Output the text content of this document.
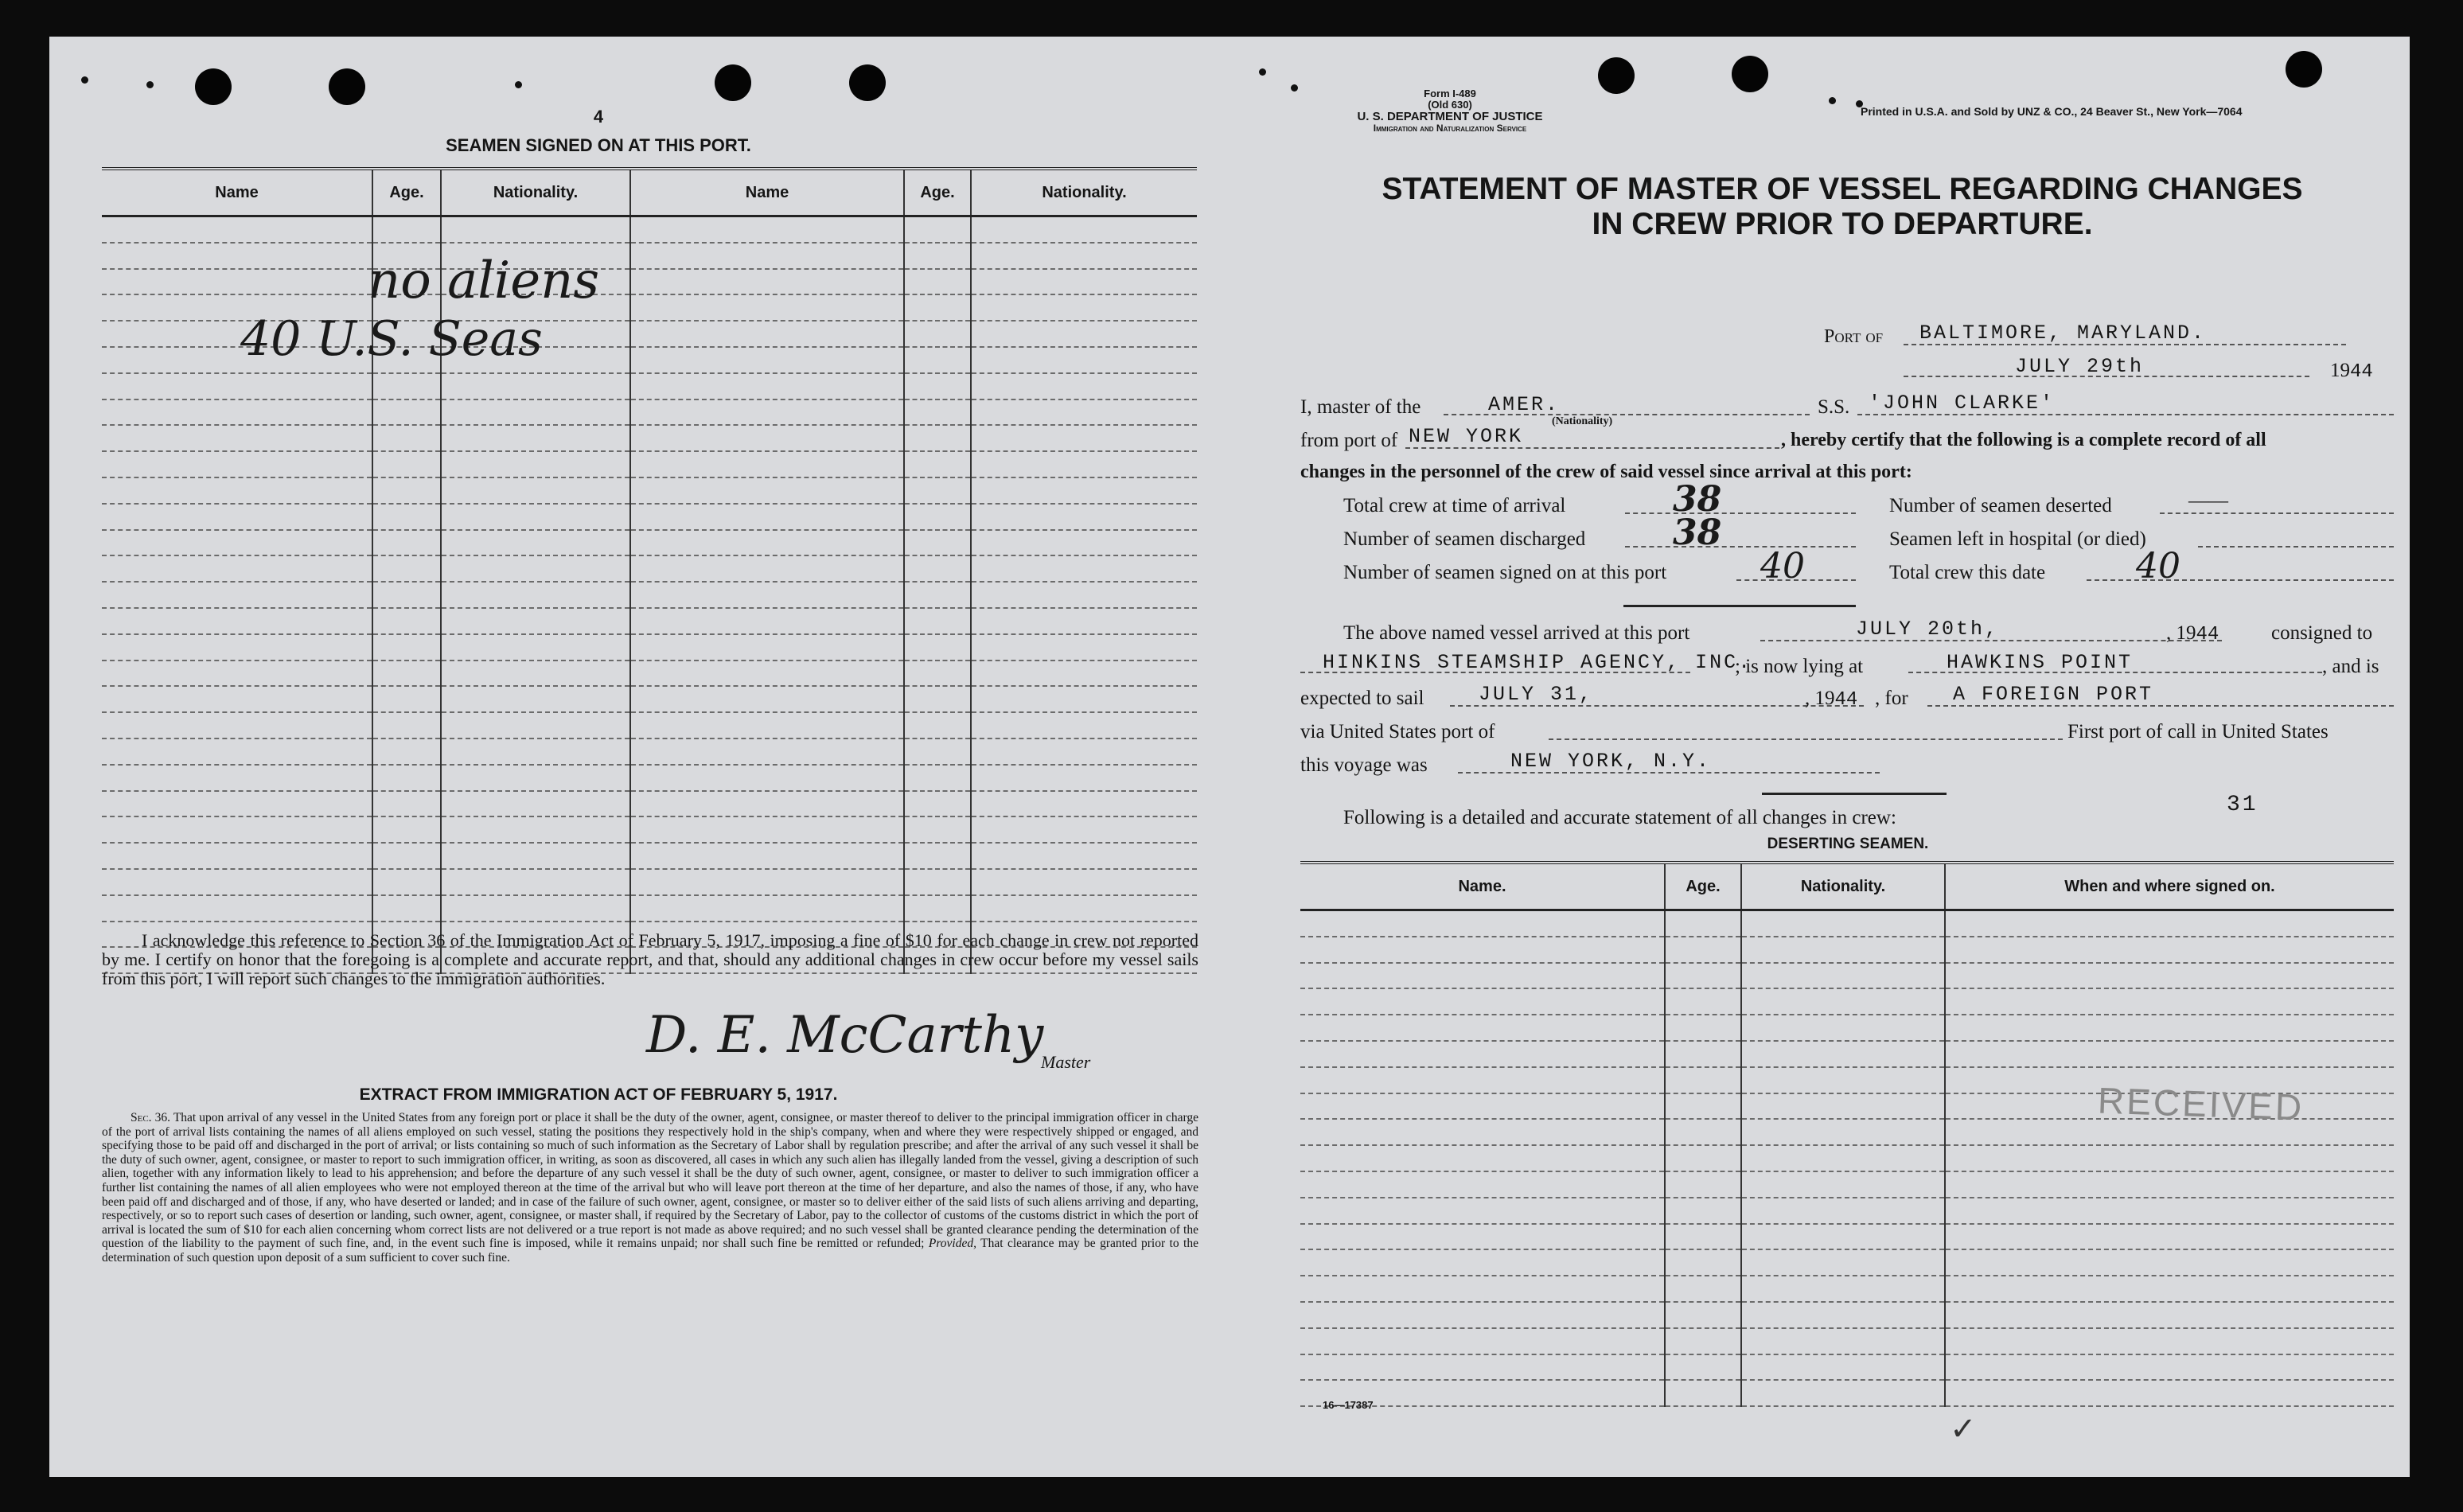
4
SEAMEN SIGNED ON AT THIS PORT.
Name	Age.	Nationality.	Name	Age.	Nationality.

no aliens
40 U.S. Seas
I acknowledge this reference to Section 36 of the Immigration Act of February 5, 1917, imposing a fine of $10 for each change in crew not reported by me. I certify on honor that the foregoing is a complete and accurate report, and that, should any additional changes in crew occur before my vessel sails from this port, I will report such changes to the immigration authorities.
D. E. McCarthy
Master
EXTRACT FROM IMMIGRATION ACT OF FEBRUARY 5, 1917.
Sec. 36. That upon arrival of any vessel in the United States from any foreign port or place it shall be the duty of the owner, agent, consignee, or master thereof to deliver to the principal immigration officer in charge of the port of arrival lists containing the names of all aliens employed on such vessel, stating the positions they respectively hold in the ship's company, when and where they were respectively shipped or engaged, and specifying those to be paid off and discharged in the port of arrival; or lists containing so much of such information as the Secretary of Labor shall by regulation prescribe; and after the arrival of any such vessel it shall be the duty of such owner, agent, consignee, or master to report to such immigration officer, in writing, as soon as discovered, all cases in which any such alien has illegally landed from the vessel, giving a description of such alien, together with any information likely to lead to his apprehension; and before the departure of any such vessel it shall be the duty of such owner, agent, consignee, or master to deliver to such immigration officer a further list containing the names of all alien employees who were not employed thereon at the time of the arrival but who will leave port thereon at the time of her departure, and also the names of those, if any, who have been paid off and discharged and of those, if any, who have deserted or landed; and in case of the failure of such owner, agent, consignee, or master so to deliver either of the said lists of such aliens arriving and departing, respectively, or so to report such cases of desertion or landing, such owner, agent, consignee, or master shall, if required by the Secretary of Labor, pay to the collector of customs of the customs district in which the port of arrival is located the sum of $10 for each alien concerning whom correct lists are not delivered or a true report is not made as above required; and no such vessel shall be granted clearance pending the determination of the question of the liability to the payment of such fine, and, in the event such fine is imposed, while it remains unpaid; nor shall such fine be remitted or refunded; Provided, That clearance may be granted prior to the determination of such question upon deposit of a sum sufficient to cover such fine.
Form I-489
(Old 630)
U. S. DEPARTMENT OF JUSTICE
Immigration and Naturalization Service
Printed in U.S.A. and Sold by UNZ & CO., 24 Beaver St., New York—7064
STATEMENT OF MASTER OF VESSEL REGARDING CHANGES
IN CREW PRIOR TO DEPARTURE.
Port of BALTIMORE, MARYLAND.
JULY 29th	1944
I, master of the	AMER.
(Nationality)
S.S. 'JOHN CLARKE'
from port of NEW YORK	, hereby certify that the following is a complete record of all
changes in the personnel of the crew of said vessel since arrival at this port:
Total crew at time of arrival	38	Number of seamen deserted	——
Number of seamen discharged 38	Seamen left in hospital (or died)
Number of seamen signed on at this port	40	Total crew this date	40
The above named vessel arrived at this port	JULY 20th,	, 1944	consigned to
HINKINS STEAMSHIP AGENCY, INC.
; is now lying at	HAWKINS POINT	, and is
expected to sail	JULY 31,	, 1944 , for A FOREIGN PORT
via United States port of	First port of call in United States
this voyage was	NEW YORK, N.Y.
Following is a detailed and accurate statement of all changes in crew:
31
DESERTING SEAMEN.
Name.	Age.	Nationality.	When and where signed on.

RECEIVED
16—17387
✓
